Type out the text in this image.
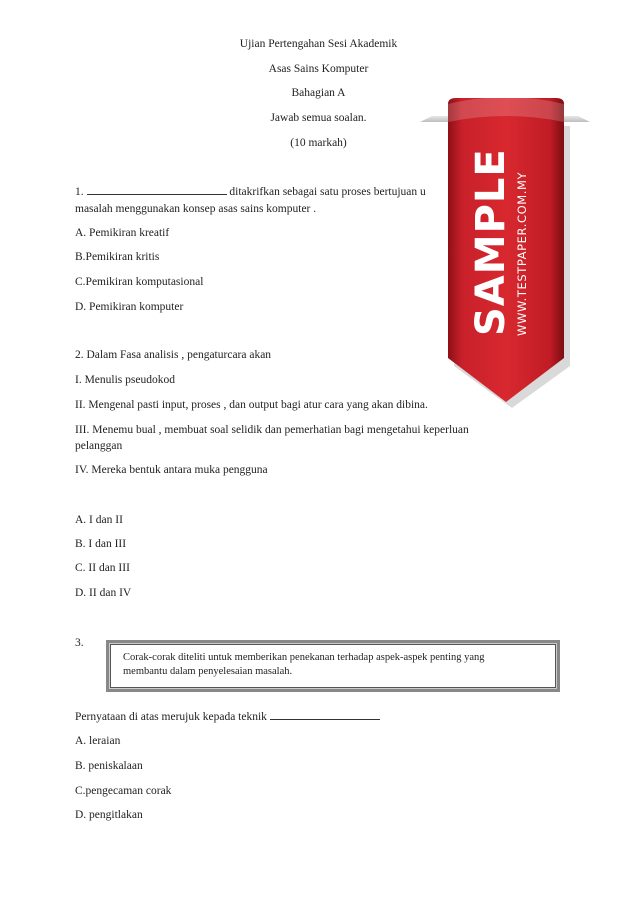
Ujian Pertengahan Sesi Akademik
Asas Sains Komputer
Bahagian A
Jawab semua soalan.
(10 markah)
1.	ditakrifkan sebagai satu proses bertujuan u
masalah menggunakan konsep asas sains komputer .
A. Pemikiran kreatif
B.Pemikiran kritis
C.Pemikiran komputasional
D. Pemikiran komputer
2. Dalam Fasa analisis , pengaturcara akan
I. Menulis pseudokod
II. Mengenal pasti input, proses , dan output bagi atur cara yang akan dibina.
III. Menemu bual , membuat soal selidik dan pemerhatian bagi mengetahui keperluan
pelanggan
IV. Mereka bentuk antara muka pengguna
A. I dan II
B. I dan III
C. II dan III
D. II dan IV
3.
Corak-corak diteliti untuk memberikan penekanan terhadap aspek-aspek penting yang
membantu dalam penyelesaian masalah.
Pernyataan di atas merujuk kepada teknik
A. leraian
B. peniskalaan
C.pengecaman corak
D. pengitlakan
SAMPLE WWW.TESTPAPER.COM.MY
